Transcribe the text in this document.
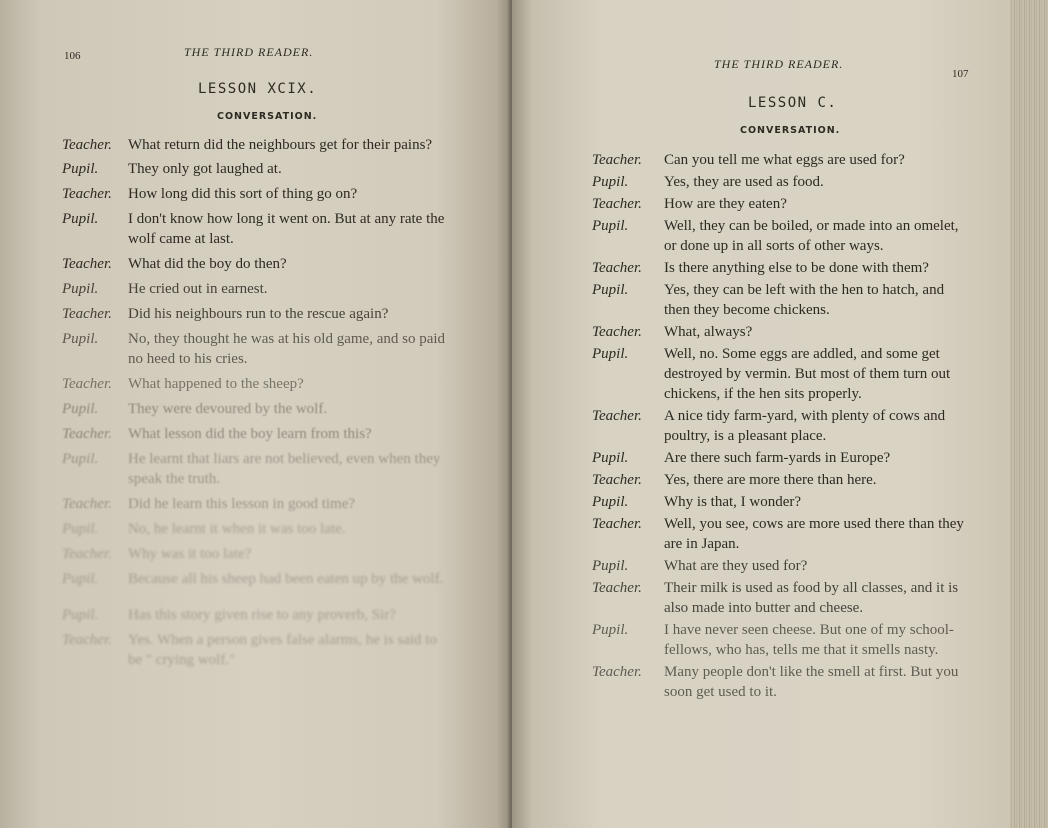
106	THE THIRD READER.
LESSON XCIX.
CONVERSATION.
Teacher. What return did the neighbours get for their pains?
Pupil. They only got laughed at.
Teacher. How long did this sort of thing go on?
Pupil. I don't know how long it went on. But at any rate the wolf came at last.
Teacher. What did the boy do then?
Pupil. He cried out in earnest.
Teacher. Did his neighbours run to the rescue again?
Pupil. No, they thought he was at his old game, and so paid no heed to his cries.
Teacher. What happened to the sheep?
Pupil. They were devoured by the wolf.
Teacher. What lesson did the boy learn from this?
Pupil. He learnt that liars are not believed, even when they speak the truth.
Teacher. Did he learn this lesson in good time?
Pupil. No, he learnt it when it was too late.
Teacher. Why was it too late?
Pupil. Because all his sheep had been eaten up by the wolf.
Pupil. Has this story given rise to any proverb, Sir?
Teacher. Yes. When a person gives false alarms, he is said to be " crying wolf."
THE THIRD READER.
107
LESSON C.
CONVERSATION.
Teacher. Can you tell me what eggs are used for?
Pupil. Yes, they are used as food.
Teacher. How are they eaten?
Pupil. Well, they can be boiled, or made into an omelet, or done up in all sorts of other ways.
Teacher. Is there anything else to be done with them?
Pupil. Yes, they can be left with the hen to hatch, and then they become chickens.
Teacher. What, always?
Pupil. Well, no. Some eggs are addled, and some get destroyed by vermin. But most of them turn out chickens, if the hen sits properly.
Teacher. A nice tidy farm-yard, with plenty of cows and poultry, is a pleasant place.
Pupil. Are there such farm-yards in Europe?
Teacher. Yes, there are more there than here.
Pupil. Why is that, I wonder?
Teacher. Well, you see, cows are more used there than they are in Japan.
Pupil. What are they used for?
Teacher. Their milk is used as food by all classes, and it is also made into butter and cheese.
Pupil. I have never seen cheese. But one of my school-fellows, who has, tells me that it smells nasty.
Teacher. Many people don't like the smell at first. But you soon get used to it.
